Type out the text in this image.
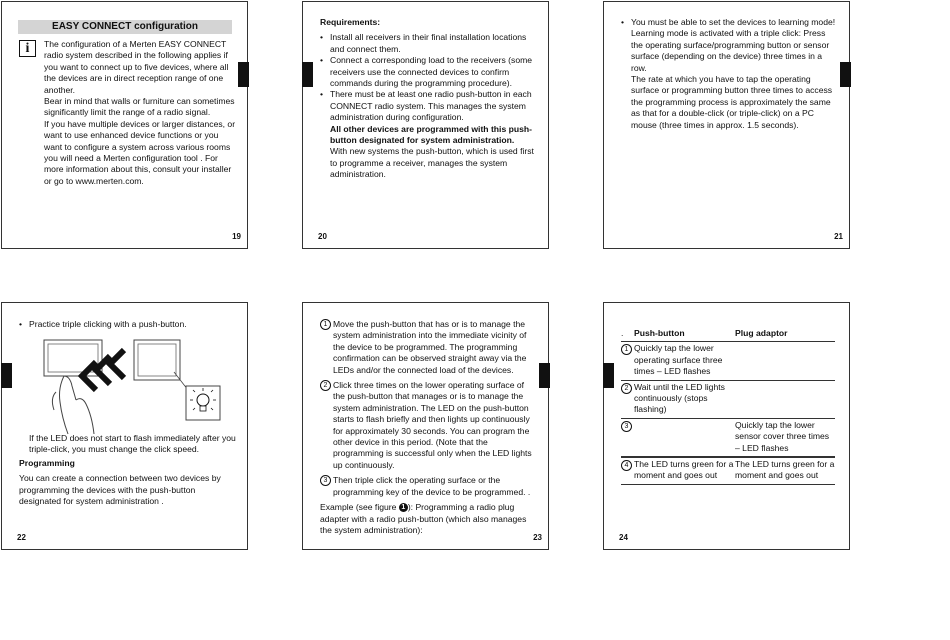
EASY CONNECT configuration
i	The configuration of a Merten EASY CONNECT radio system described in the following applies if you want to connect up to five devices, where all the devices are in direct reception range of one another.

Bear in mind that walls or furniture can sometimes significantly limit the range of a radio signal.

If you have multiple devices or larger distances, or want to use enhanced device functions or you want to configure a system across various rooms you will need a Merten configuration tool . For more information about this, consult your installer or go to www.merten.com.

19

Requirements:

• Install all receivers in their final installation locations and connect them.

• Connect a corresponding load to the receivers (some receivers use the connected devices to confirm commands during the programming procedure).

• There must be at least one radio push-button in each CONNECT radio system. This manages the system administration during configuration.

All other devices are programmed with this push-button designated for system administration.

With new systems the push-button, which is used first to programme a receiver, manages the system administration.

20

• You must be able to set the devices to learning mode!

Learning mode is activated with a triple click: Press the operating surface/programming button or sensor surface (depending on the device) three times in a row.

The rate at which you have to tap the operating surface or programming button three times to access the programming process is approximately the same as that for a double-click (or triple-click) on a PC mouse (three times in approx. 1.5 seconds).

21

• Practice triple clicking with a push-button.

If the LED does not start to flash immediately after you triple-click, you must change the click speed.

Programming

You can create a connection between two devices by programming the devices with the push-button designated for system administration .

22
1 Move the push-button that has or is to manage the system administration into the immediate vicinity of the device to be programmed. The programming confirmation can be observed straight away via the LEDs and/or the connected load of the devices.

2 Click three times on the lower operating surface of the push-button that manages or is to manage the system administration. The LED on the push-button starts to flash briefly and then lights up continuously for approximately 30 seconds. You can program the other device in this period. (Note that the programming is successful only when the LED lights up continuously.

3 Then triple click the operating surface or the programming key of the device to be programmed. .

Example (see figure 1 ): Programming a radio plug adapter with a radio push-button (which also manages the system administration):

23
. Push-button	Plug adaptor

1 Quickly tap the lower operating surface three times – LED flashes	

2 Wait until the LED lights continuously (stops flashing)	

3	Quickly tap the lower sensor cover three times – LED flashes

4 The LED turns green for a moment and goes out	The LED turns green for a moment and goes out
24
